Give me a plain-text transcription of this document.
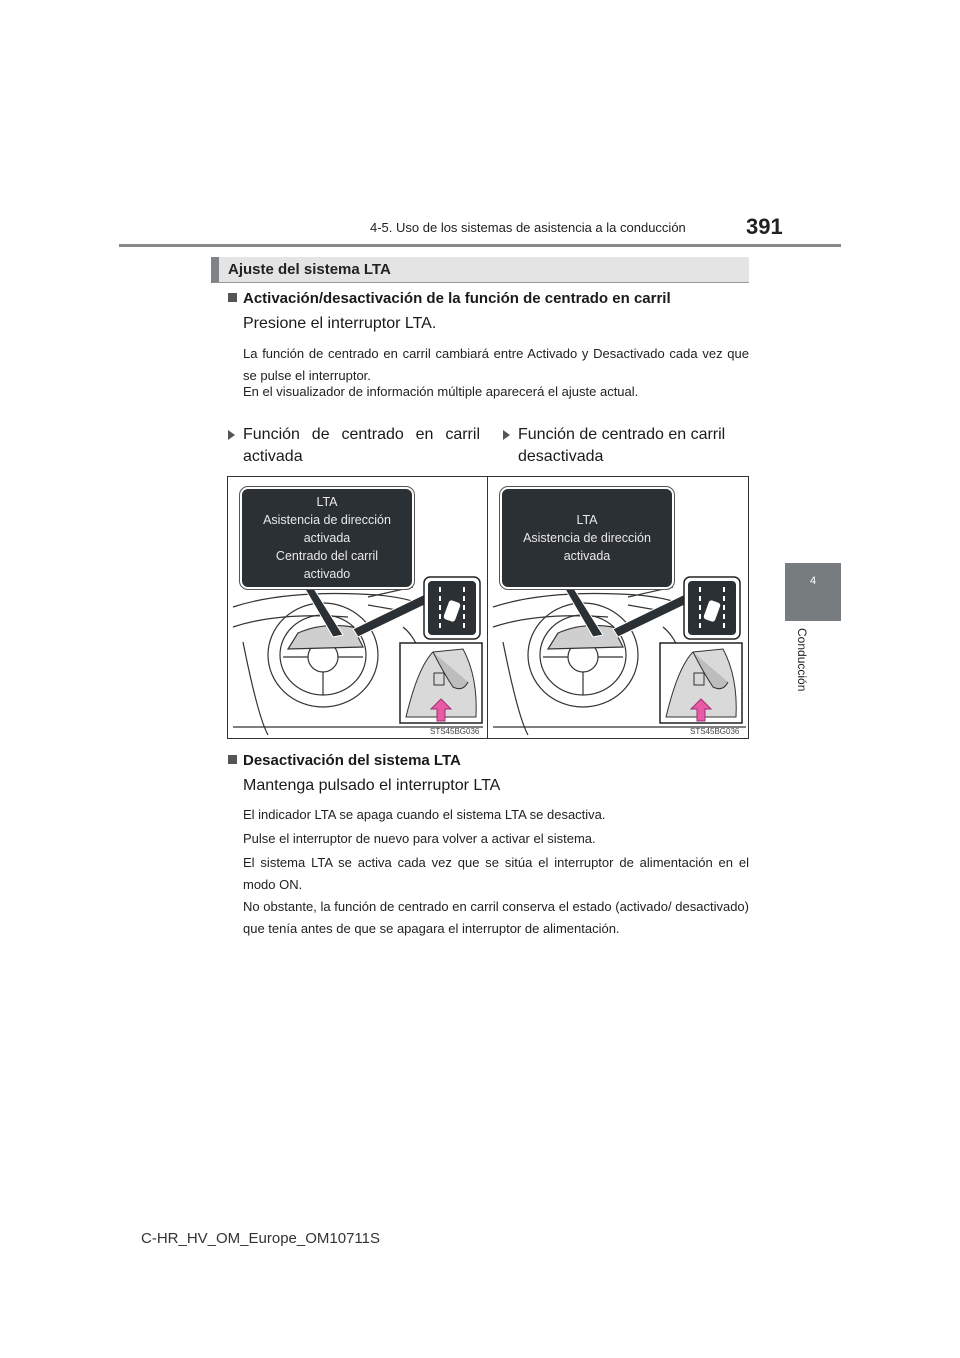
4-5. Uso de los sistemas de asistencia a la conducción	391
4
Conducción
Ajuste del sistema LTA
Activación/desactivación de la función de centrado en carril
Presione el interruptor LTA.
La función de centrado en carril cambiará entre Activado y Desactivado cada vez que se pulse el interruptor.
En el visualizador de información múltiple aparecerá el ajuste actual.
Función de centrado en carril activada
Función de centrado en carril desactivada
LTA
Asistencia de dirección
activada
Centrado del carril
activado
STS45BG036
LTA
Asistencia de dirección
activada
STS45BG036
Desactivación del sistema LTA
Mantenga pulsado el interruptor LTA
El indicador LTA se apaga cuando el sistema LTA se desactiva.
Pulse el interruptor de nuevo para volver a activar el sistema.
El sistema LTA se activa cada vez que se sitúa el interruptor de alimentación en el modo ON.
No obstante, la función de centrado en carril conserva el estado (activado/ desactivado) que tenía antes de que se apagara el interruptor de alimentación.
C-HR_HV_OM_Europe_OM10711S
